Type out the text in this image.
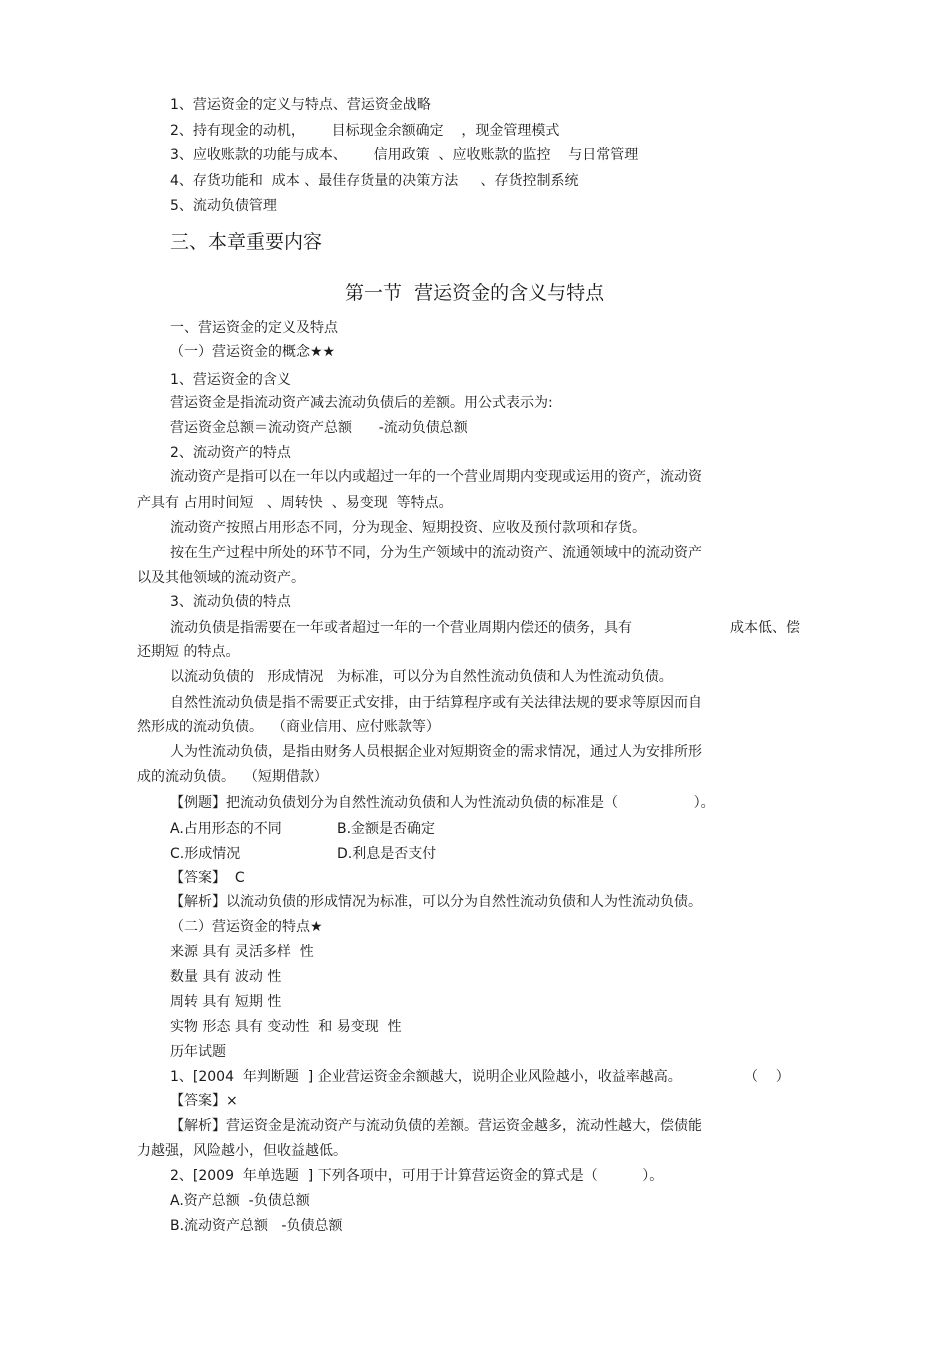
1、营运资金的定义与特点、营运资金战略
2、持有现金的动机，      目标现金余额确定    ，现金管理模式
3、应收账款的功能与成本、      信用政策  、应收账款的监控    与日常管理
4、存货功能和  成本 、最佳存货量的决策方法     、存货控制系统
5、流动负债管理
三、本章重要内容
第一节  营运资金的含义与特点
一、营运资金的定义及特点
（一）营运资金的概念★★
1、营运资金的含义
营运资金是指流动资产减去流动负债后的差额。用公式表示为:
营运资金总额＝流动资产总额      -流动负债总额
2、流动资产的特点
流动资产是指可以在一年以内或超过一年的一个营业周期内变现或运用的资产，流动资
产具有 占用时间短   、周转快  、易变现  等特点。
流动资产按照占用形态不同，分为现金、短期投资、应收及预付款项和存货。
按在生产过程中所处的环节不同，分为生产领域中的流动资产、流通领域中的流动资产
以及其他领域的流动资产。
3、流动负债的特点
流动负债是指需要在一年或者超过一年的一个营业周期内偿还的债务，具有	成本低、偿
还期短 的特点。
以流动负债的   形成情况   为标准，可以分为自然性流动负债和人为性流动负债。
自然性流动负债是指不需要正式安排，由于结算程序或有关法律法规的要求等原因而自
然形成的流动负债。  （商业信用、应付账款等）
人为性流动负债，是指由财务人员根据企业对短期资金的需求情况，通过人为安排所形
成的流动负债。  （短期借款）
【例题】把流动负债划分为自然性流动负债和人为性流动负债的标准是（                 ）。
A.占用形态的不同	B.金额是否确定
C.形成情况	D.利息是否支付
【答案】  C
【解析】以流动负债的形成情况为标准，可以分为自然性流动负债和人为性流动负债。
（二）营运资金的特点★
来源 具有 灵活多样  性
数量 具有 波动 性
周转 具有 短期 性
实物 形态 具有 变动性  和 易变现  性
历年试题
1、[2004  年判断题  ] 企业营运资金余额越大，说明企业风险越小，收益率越高。	（    ）
【答案】×
【解析】营运资金是流动资产与流动负债的差额。营运资金越多，流动性越大，偿债能
力越强，风险越小，但收益越低。
2、[2009  年单选题  ] 下列各项中，可用于计算营运资金的算式是（          ）。
A.资产总额  -负债总额
B.流动资产总额   -负债总额
